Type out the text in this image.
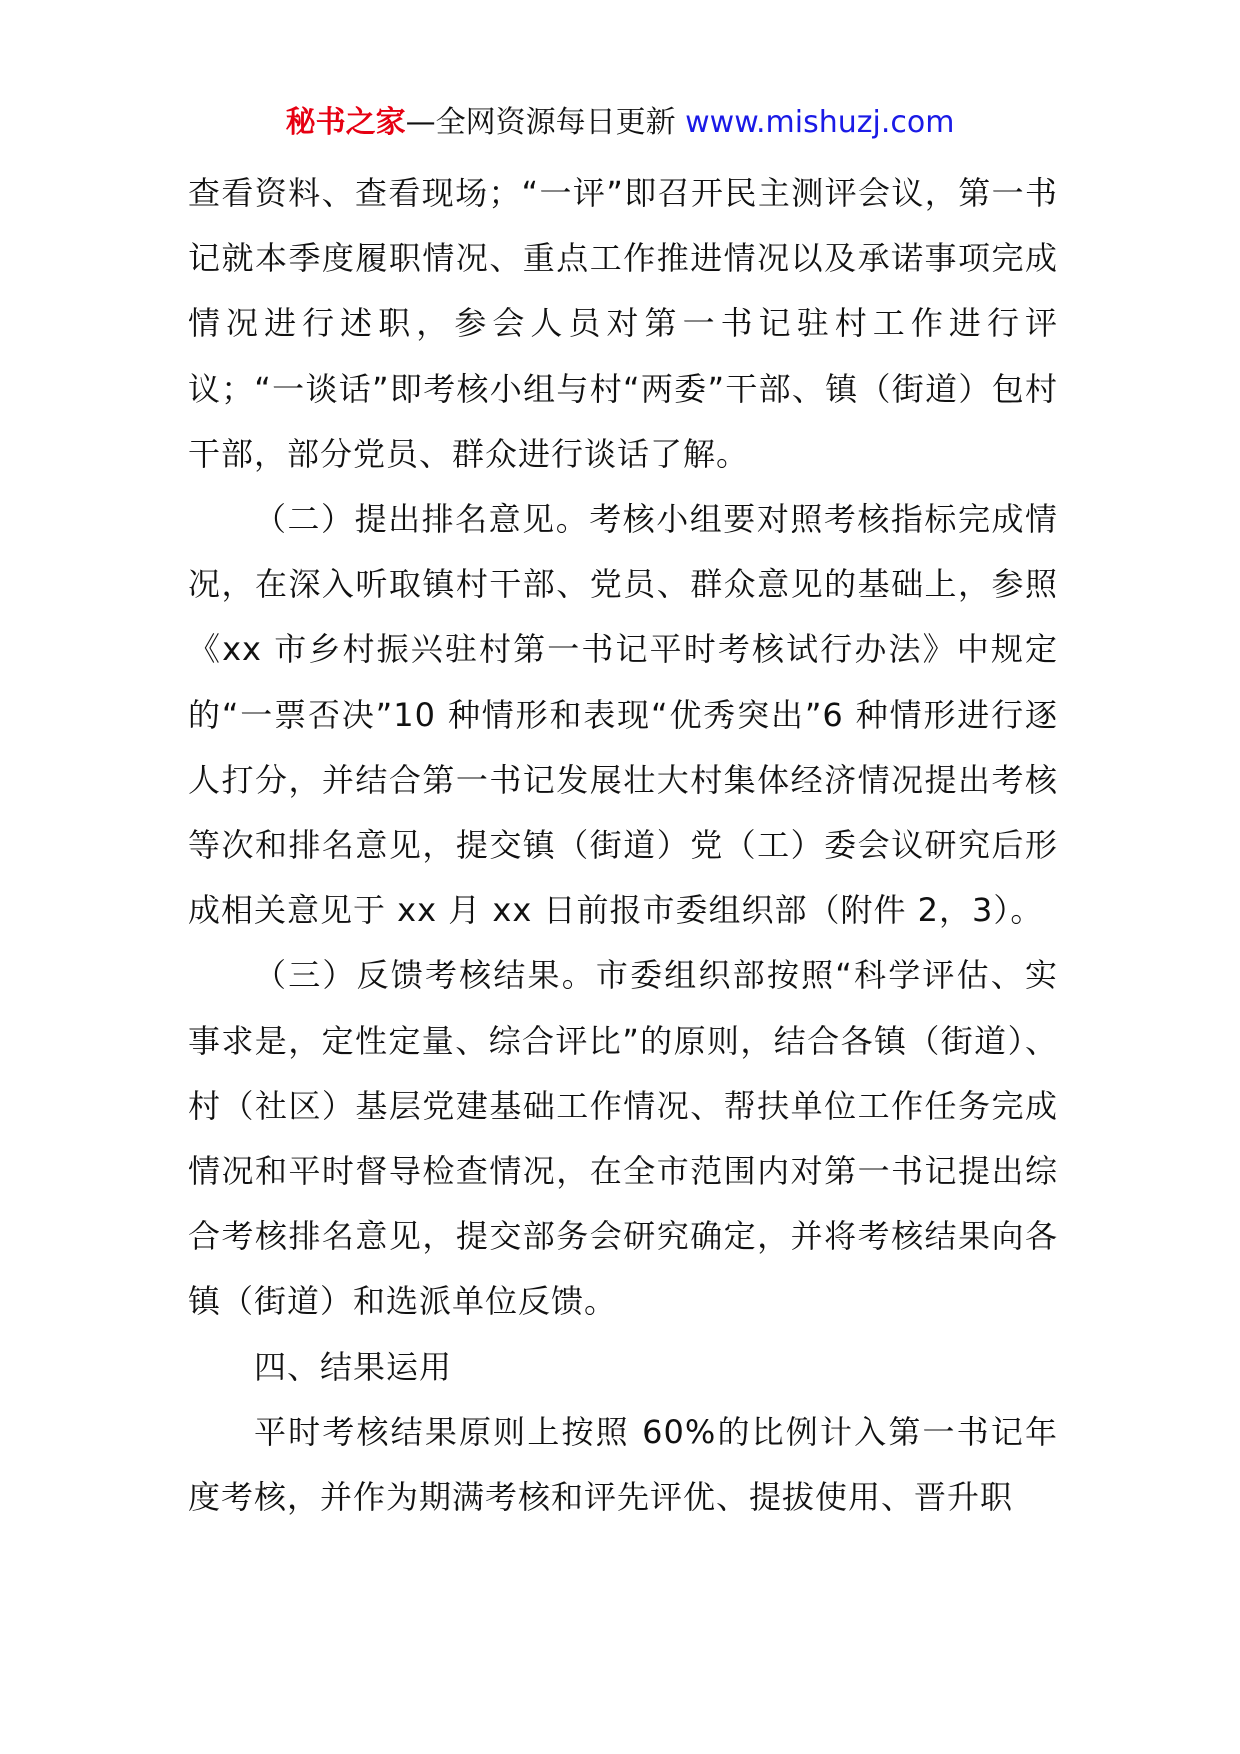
秘书之家—全网资源每日更新 www.mishuzj.com

查看资料、查看现场；“一评”即召开民主测评会议，第一书记就本季度履职情况、重点工作推进情况以及承诺事项完成情况进行述职，参会人员对第一书记驻村工作进行评议；“一谈话”即考核小组与村“两委”干部、镇（街道）包村干部，部分党员、群众进行谈话了解。

（二）提出排名意见。考核小组要对照考核指标完成情况，在深入听取镇村干部、党员、群众意见的基础上，参照《xx 市乡村振兴驻村第一书记平时考核试行办法》中规定的“一票否决”10 种情形和表现“优秀突出”6 种情形进行逐人打分，并结合第一书记发展壮大村集体经济情况提出考核等次和排名意见，提交镇（街道）党（工）委会议研究后形成相关意见于 xx 月 xx 日前报市委组织部（附件 2，3）。

（三）反馈考核结果。市委组织部按照“科学评估、实事求是，定性定量、综合评比”的原则，结合各镇（街道）、村（社区）基层党建基础工作情况、帮扶单位工作任务完成情况和平时督导检查情况，在全市范围内对第一书记提出综合考核排名意见，提交部务会研究确定，并将考核结果向各镇（街道）和选派单位反馈。

四、结果运用

平时考核结果原则上按照 60%的比例计入第一书记年度考核，并作为期满考核和评先评优、提拔使用、晋升职
